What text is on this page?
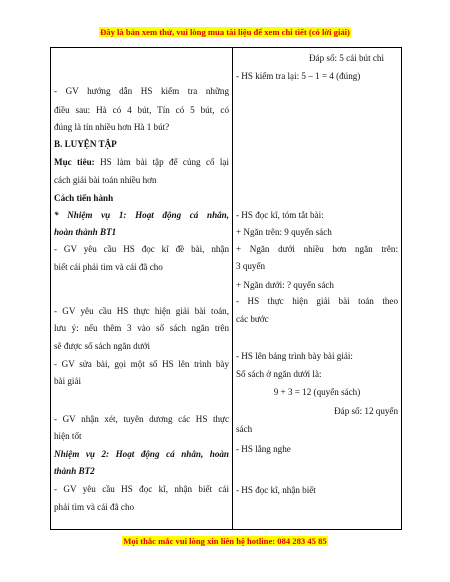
Đây là bản xem thử, vui lòng mua tài liệu để xem chi tiết (có lời giải)
- GV hướng dẫn HS kiểm tra những
điều sau: Hà có 4 bút, Tín có 5 bút, có
đúng là tín nhiều hơn Hà 1 bút?
B. LUYỆN TẬP
Mục tiêu: HS làm bài tập để củng cố lại
cách giải bài toán nhiều hơn
Cách tiến hành
* Nhiệm vụ 1: Hoạt động cá nhân,
hoàn thành BT1
- GV yêu cầu HS đọc kĩ đề bài, nhận
biết cái phải tìm và cái đã cho
- GV yêu cầu HS thực hiện giải bài toán,
lưu ý: nếu thêm 3 vào số sách ngăn trên
sẽ được số sách ngăn dưới
- GV sửa bài, gọi một số HS lên trình bày
bài giải
- GV nhận xét, tuyên dương các HS thực
hiện tốt
Nhiệm vụ 2: Hoạt động cá nhân, hoàn
thành BT2
- GV yêu cầu HS đọc kĩ, nhận biết cái
phải tìm và cái đã cho
Đáp số: 5 cái bút chì
- HS kiểm tra lại: 5 – 1 = 4 (đúng)
- HS đọc kĩ, tóm tắt bài:
+ Ngăn trên: 9 quyển sách
+ Ngăn dưới nhiều hơn ngăn trên:
3 quyển
+ Ngăn dưới: ? quyển sách
- HS thực hiện giải bài toán theo
các bước
- HS lên bảng trình bày bài giải:
Số sách ở ngăn dưới là:
9 + 3 = 12 (quyển sách)
Đáp số: 12 quyển
sách
- HS lắng nghe
- HS đọc kĩ, nhận biết
Mọi thắc mắc vui lòng xin liên hệ hotline: 084 283 45 85
